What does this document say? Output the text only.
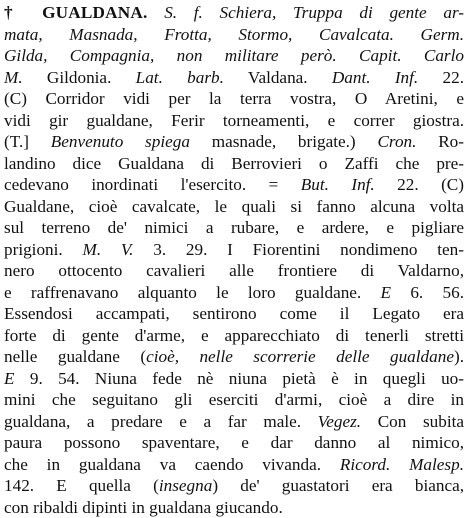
† GUALDANA. S. f. Schiera, Truppa di gente ar-
mata, Masnada, Frotta, Stormo, Cavalcata. Germ.
Gilda, Compagnia, non militare però. Capit. Carlo
M. Gildonia. Lat. barb. Valdana. Dant. Inf. 22.
(C) Corridor vidi per la terra vostra, O Aretini, e
vidi gir gualdane, Ferir torneamenti, e correr giostra.
(T.] Benvenuto spiega masnade, brigate.) Cron. Ro-
landino dice Gualdana di Berrovieri o Zaffi che pre-
cedevano inordinati l'esercito. = But. Inf. 22. (C)
Gualdane, cioè cavalcate, le quali si fanno alcuna volta
sul terreno de' nimici a rubare, e ardere, e pigliare
prigioni. M. V. 3. 29. I Fiorentini nondimeno ten-
nero ottocento cavalieri alle frontiere di Valdarno,
e raffrenavano alquanto le loro gualdane. E 6. 56.
Essendosi accampati, sentirono come il Legato era
forte di gente d'arme, e apparecchiato di tenerli stretti
nelle gualdane (cioè, nelle scorrerie delle gualdane).
E 9. 54. Niuna fede nè niuna pietà è in quegli uo-
mini che seguitano gli eserciti d'armi, cioè a dire in
gualdana, a predare e a far male. Vegez. Con subita
paura possono spaventare, e dar danno al nimico,
che in gualdana va caendo vivanda. Ricord. Malesp.
142. E quella (insegna) de' guastatori era bianca,
con ribaldi dipinti in gualdana giucando.
